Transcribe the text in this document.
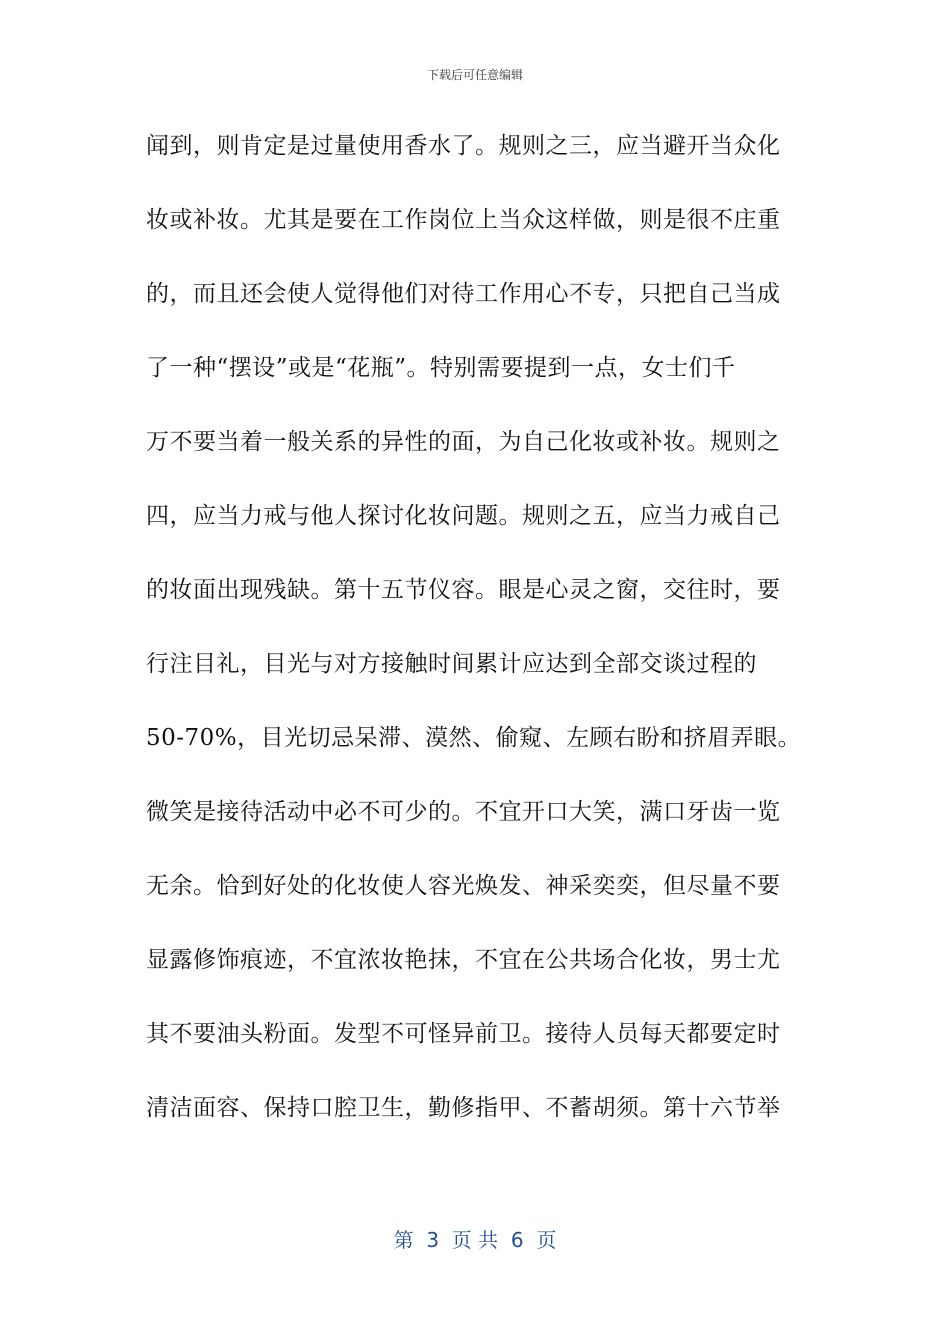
下载后可任意编辑
闻到，则肯定是过量使用香水了。规则之三，应当避开当众化
妆或补妆。尤其是要在工作岗位上当众这样做，则是很不庄重
的，而且还会使人觉得他们对待工作用心不专，只把自己当成
了一种“摆设”或是“花瓶”。特别需要提到一点，女士们千
万不要当着一般关系的异性的面，为自己化妆或补妆。规则之
四，应当力戒与他人探讨化妆问题。规则之五，应当力戒自己
的妆面出现残缺。第十五节仪容。眼是心灵之窗，交往时，要
行注目礼，目光与对方接触时间累计应达到全部交谈过程的
50-70%，目光切忌呆滞、漠然、偷窥、左顾右盼和挤眉弄眼。
微笑是接待活动中必不可少的。不宜开口大笑，满口牙齿一览
无余。恰到好处的化妆使人容光焕发、神采奕奕，但尽量不要
显露修饰痕迹，不宜浓妆艳抹，不宜在公共场合化妆，男士尤
其不要油头粉面。发型不可怪异前卫。接待人员每天都要定时
清洁面容、保持口腔卫生，勤修指甲、不蓄胡须。第十六节举
第  3  页 共  6  页
